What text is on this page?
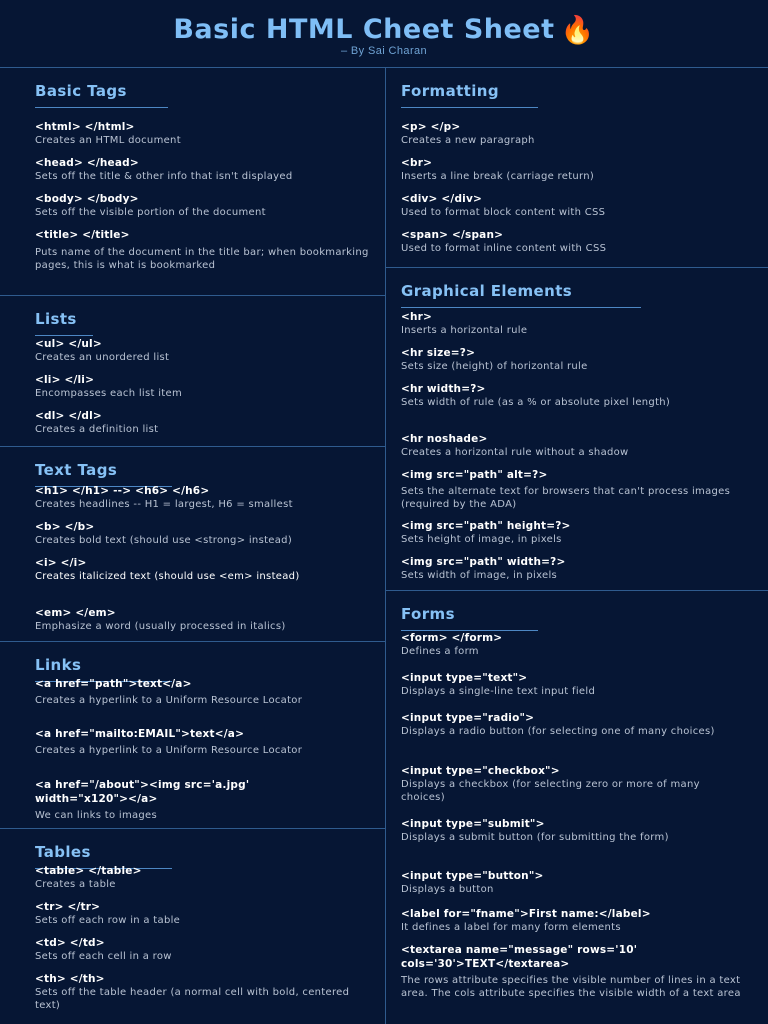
Basic HTML Cheet Sheet 🔥
– By Sai Charan
Basic Tags
<html> </html>
Creates an HTML document
<head> </head>
Sets off the title & other info that isn't displayed
<body> </body>
Sets off the visible portion of the document
<title> </title>
Puts name of the document in the title bar; when bookmarking pages, this is what is bookmarked
Lists
<ul> </ul>
Creates an unordered list
<li> </li>
Encompasses each list item
<dl> </dl>
Creates a definition list
Text Tags
<h1> </h1> --> <h6> </h6>
Creates headlines -- H1 = largest, H6 = smallest
<b> </b>
Creates bold text (should use <strong> instead)
<i> </i>
Creates italicized text (should use <em> instead)
<em> </em>
Emphasize a word (usually processed in italics)
Links
<a href="path">text</a>
Creates a hyperlink to a Uniform Resource Locator
<a href="mailto:EMAIL">text</a>
Creates a hyperlink to a Uniform Resource Locator
<a href="/about"><img src='a.jpg' width="x120"></a>
We can links to images
Tables
<table> </table>
Creates a table
<tr> </tr>
Sets off each row in a table
<td> </td>
Sets off each cell in a row
<th> </th>
Sets off the table header (a normal cell with bold, centered text)
Formatting
<p> </p>
Creates a new paragraph
<br>
Inserts a line break (carriage return)
<div> </div>
Used to format block content with CSS
<span> </span>
Used to format inline content with CSS
Graphical Elements
<hr>
Inserts a horizontal rule
<hr size=?>
Sets size (height) of horizontal rule
<hr width=?>
Sets width of rule (as a % or absolute pixel length)
<hr noshade>
Creates a horizontal rule without a shadow
<img src="path" alt=?>
Sets the alternate text for browsers that can't process images (required by the ADA)
<img src="path" height=?>
Sets height of image, in pixels
<img src="path" width=?>
Sets width of image, in pixels
Forms
<form> </form>
Defines a form
<input type="text">
Displays a single-line text input field
<input type="radio">
Displays a radio button (for selecting one of many choices)
<input type="checkbox">
Displays a checkbox (for selecting zero or more of many choices)
<input type="submit">
Displays a submit button (for submitting the form)
<input type="button">
Displays a button
<label for="fname">First name:</label>
It defines a label for many form elements
<textarea name="message" rows='10' cols='30'>TEXT</textarea>
The rows attribute specifies the visible number of lines in a text area. The cols attribute specifies the visible width of a text area
